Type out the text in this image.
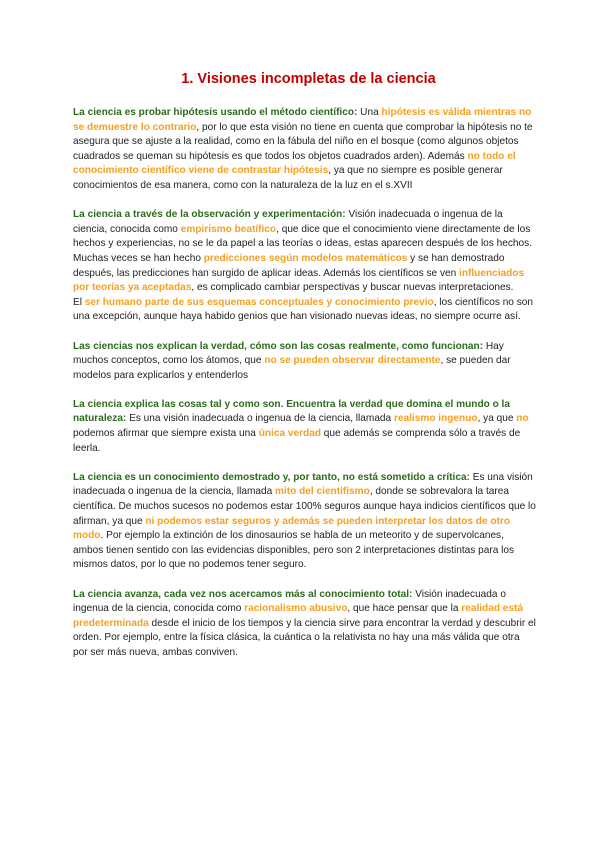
1. Visiones incompletas de la ciencia
La ciencia es probar hipótesis usando el método científico: Una hipótesis es válida mientras no se demuestre lo contrario, por lo que esta visión no tiene en cuenta que comprobar la hipótesis no te asegura que se ajuste a la realidad, como en la fábula del niño en el bosque (como algunos objetos cuadrados se queman su hipótesis es que todos los objetos cuadrados arden). Además no todo el conocimiento científico viene de contrastar hipótesis, ya que no siempre es posible generar conocimientos de esa manera, como con la naturaleza de la luz en el s.XVII
La ciencia a través de la observación y experimentación: Visión inadecuada o ingenua de la ciencia, conocida como empirismo beatífico, que dice que el conocimiento viene directamente de los hechos y experiencias, no se le da papel a las teorías o ideas, estas aparecen después de los hechos.
Muchas veces se han hecho predicciones según modelos matemáticos y se han demostrado después, las predicciones han surgido de aplicar ideas. Además los científicos se ven influenciados por teorías ya aceptadas, es complicado cambiar perspectivas y buscar nuevas interpretaciones.
El ser humano parte de sus esquemas conceptuales y conocimiento previo, los científicos no son una excepción, aunque haya habido genios que han visionado nuevas ideas, no siempre ocurre así.
Las ciencias nos explican la verdad, cómo son las cosas realmente, como funcionan: Hay muchos conceptos, como los átomos, que no se pueden observar directamente, se pueden dar modelos para explicarlos y entenderlos
La ciencia explica las cosas tal y como son. Encuentra la verdad que domina el mundo o la naturaleza: Es una visión inadecuada o ingenua de la ciencia, llamada realismo ingenuo, ya que no podemos afirmar que siempre exista una única verdad que además se comprenda sólo a través de leerla.
La ciencia es un conocimiento demostrado y, por tanto, no está sometido a crítica: Es una visión inadecuada o ingenua de la ciencia, llamada mito del cientifismo, donde se sobrevalora la tarea científica. De muchos sucesos no podemos estar 100% seguros aunque haya indicios científicos que lo afirman, ya que ni podemos estar seguros y además se pueden interpretar los datos de otro modo. Por ejemplo la extinción de los dinosaurios se habla de un meteorito y de supervolcanes, ambos tienen sentido con las evidencias disponibles, pero son 2 interpretaciones distintas para los mismos datos, por lo que no podemos tener seguro.
La ciencia avanza, cada vez nos acercamos más al conocimiento total: Visión inadecuada o ingenua de la ciencia, conocida como racionalismo abusivo, que hace pensar que la realidad está predeterminada desde el inicio de los tiempos y la ciencia sirve para encontrar la verdad y descubrir el orden. Por ejemplo, entre la física clásica, la cuántica o la relativista no hay una más válida que otra por ser más nueva, ambas conviven.
